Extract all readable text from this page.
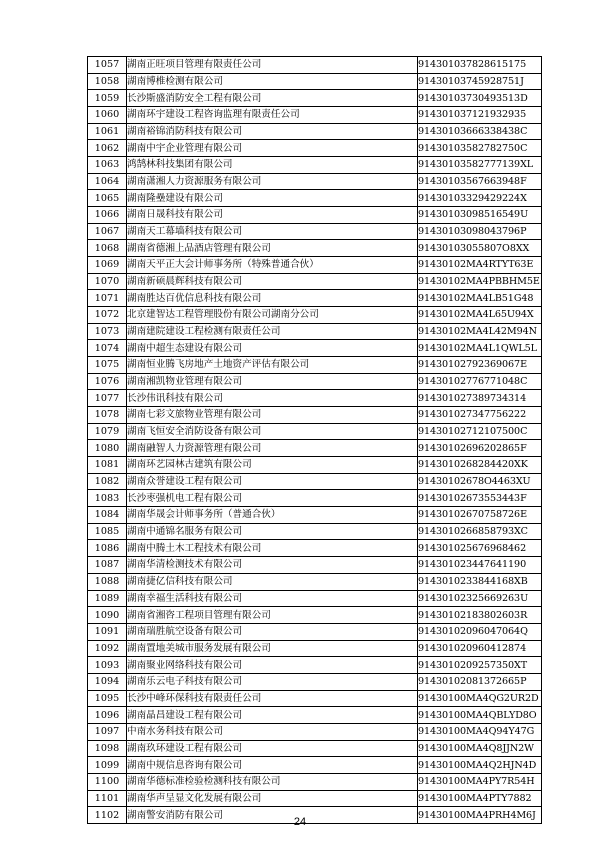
1057	湖南正旺项目管理有限责任公司	914301037828615175
1058	湖南博椎检测有限公司	91430103745928751J
1059	长沙斯盛消防安全工程有限公司	91430103730493513D
1060	湖南环宇建设工程咨询监理有限责任公司	914301037121932935
1061	湖南裕锦消防科技有限公司	91430103666338438C
1062	湖南中宇企业管理有限公司	91430103582782750C
1063	鸿鹄林科技集团有限公司	91430103582777139XL
1064	湖南潇湘人力资源服务有限公司	91430103567663948F
1065	湖南隆壘建设有限公司	91430103329429224X
1066	湖南日晟科技有限公司	91430103098516549U
1067	湖南天工幕墙科技有限公司	91430103098043796P
1068	湖南省德湘上品酒店管理有限公司	91430103055807O8XX
1069	湖南天平正大会计师事务所（特殊普通合伙）	91430102MA4RTYT63E
1070	湖南新硕晨辉科技有限公司	91430102MA4PBBHM5E
1071	湖南胜达百优信息科技有限公司	91430102MA4LB51G48
1072	北京建智达工程管理股份有限公司湖南分公司	91430102MA4L65U94X
1073	湖南建院建设工程检测有限责任公司	91430102MA4L42M94N
1074	湖南中超生态建设有限公司	91430102MA4L1QWL5L
1075	湖南恒业腾飞房地产土地资产评估有限公司	91430102792369067E
1076	湖南湘凯物业管理有限公司	91430102776771048C
1077	长沙伟讯科技有限公司	914301027389734314
1078	湖南七彩文旅物业管理有限公司	914301027347756222
1079	湖南飞恒安全消防设备有限公司	91430102712107500C
1080	湖南融智人力资源管理有限公司	91430102696202865F
1081	湖南环艺园林古建筑有限公司	9143010268284420XK
1082	湖南众誉建设工程有限公司	91430102678O4463XU
1083	长沙枣强机电工程有限公司	91430102673553443F
1084	湖南华晟会计师事务所（普通合伙）	91430102670758726E
1085	湖南中通锦名服务有限公司	9143010266858793XC
1086	湖南中腾土木工程技术有限公司	914301025676968462
1087	湖南华清检测技术有限公司	914301023447641190
1088	湖南捷亿信科技有限公司	9143010233844168XB
1089	湖南幸福生活科技有限公司	91430102325669263U
1090	湖南省湘咨工程项目管理有限公司	91430102183802603R
1091	湖南瑞胜航空设备有限公司	91430102096047064Q
1092	湖南置地美城市服务发展有限公司	914301020960412874
1093	湖南聚业网络科技有限公司	9143010209257350XT
1094	湖南乐云电子科技有限公司	91430102081372665P
1095	长沙中峰环保科技有限责任公司	91430100MA4QG2UR2D
1096	湖南晶昌建设工程有限公司	91430100MA4QBLYD8O
1097	中南水务科技有限公司	91430100MA4Q94Y47G
1098	湖南玖环建设工程有限公司	91430100MA4Q8JJN2W
1099	湖南中规信息咨询有限公司	91430100MA4Q2HJN4D
1100	湖南华德标准检验检测科技有限公司	91430100MA4PY7R54H
1101	湖南华声呈显文化发展有限公司	91430100MA4PTY7882
1102	湖南警安消防有限公司	91430100MA4PRH4M6J
24
